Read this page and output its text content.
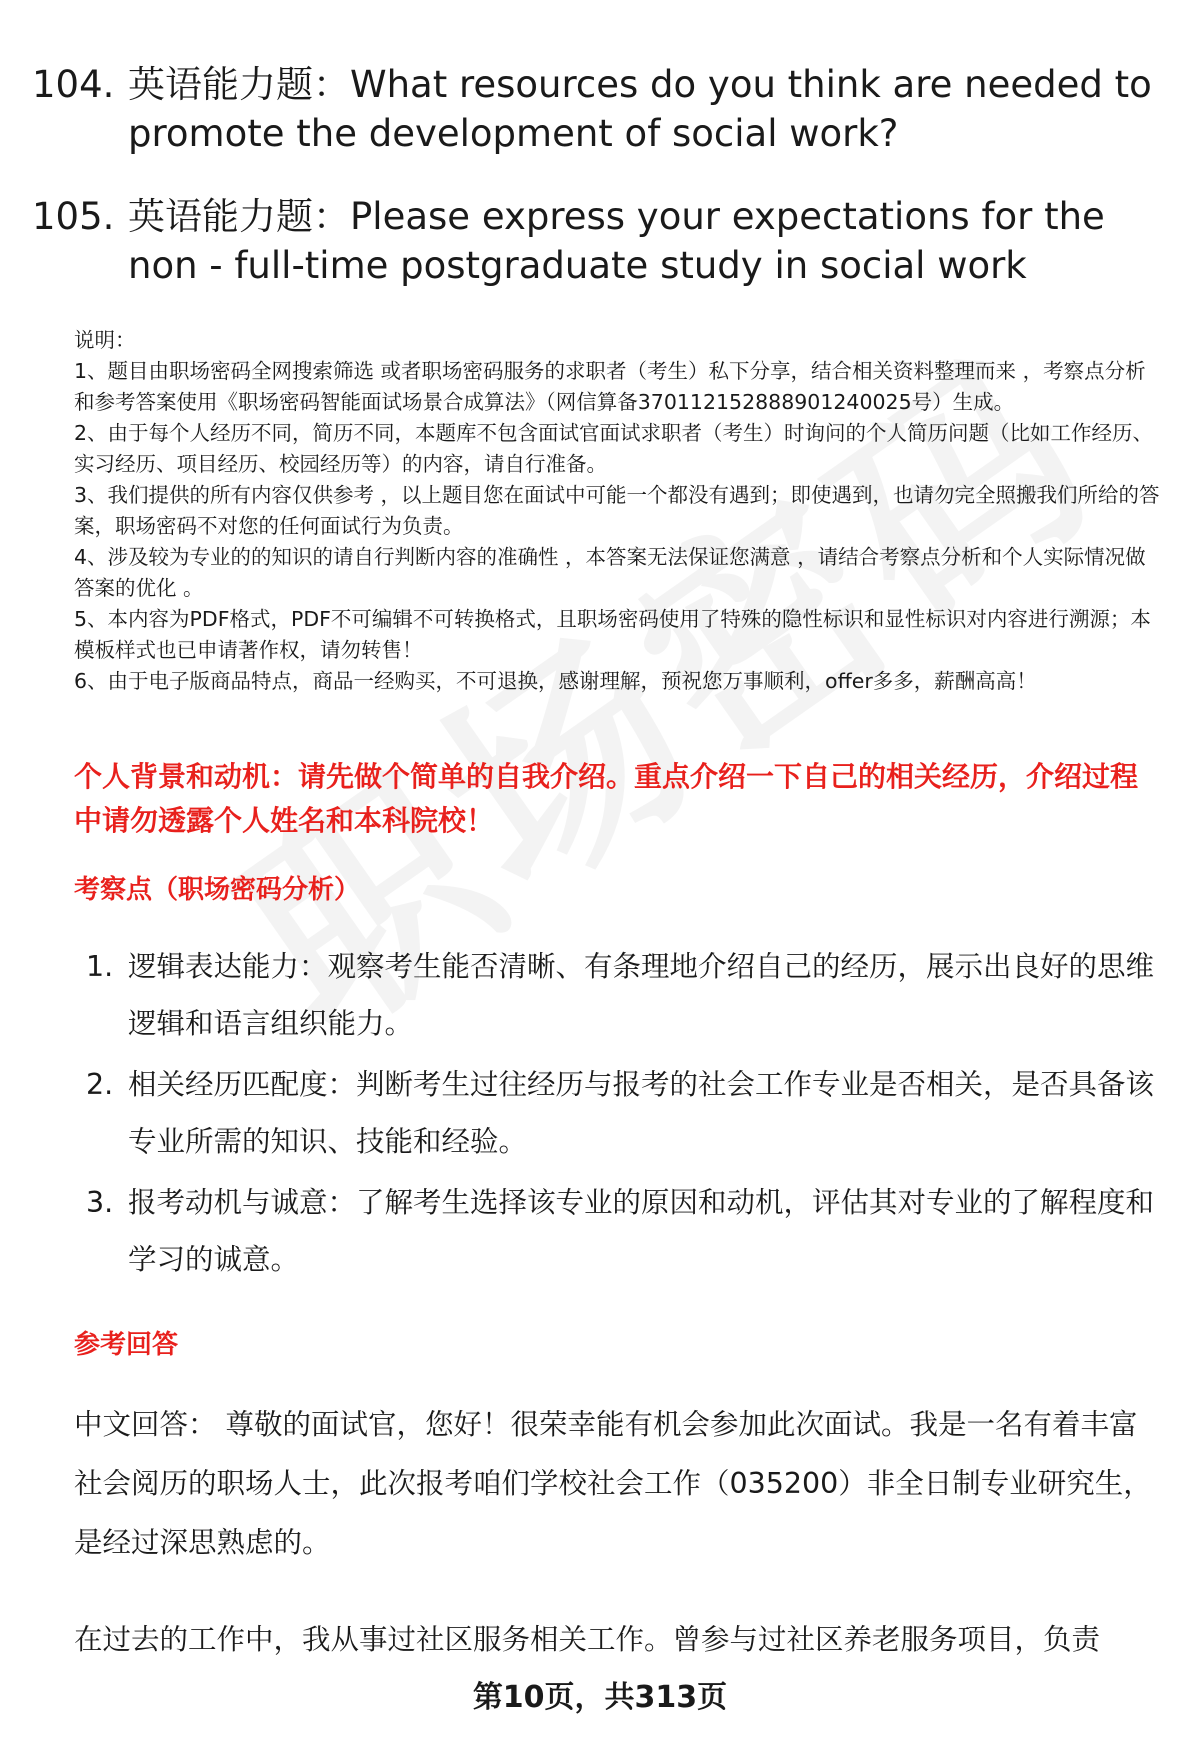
104. 英语能力题：What resources do you think are needed to promote the development of social work?
105. 英语能力题：Please express your expectations for the non - full-time postgraduate study in social work
说明：
1、题目由职场密码全网搜索筛选 或者职场密码服务的求职者（考生）私下分享，结合相关资料整理而来 ，考察点分析和参考答案使用《职场密码智能面试场景合成算法》（网信算备370112152888901240025号）生成。
2、由于每个人经历不同，简历不同，本题库不包含面试官面试求职者（考生）时询问的个人简历问题（比如工作经历、实习经历、项目经历、校园经历等）的内容，请自行准备。
3、我们提供的所有内容仅供参考 ，以上题目您在面试中可能一个都没有遇到；即使遇到，也请勿完全照搬我们所给的答案，职场密码不对您的任何面试行为负责。
4、涉及较为专业的的知识的请自行判断内容的准确性 ，本答案无法保证您满意 ，请结合考察点分析和个人实际情况做答案的优化 。
5、本内容为PDF格式，PDF不可编辑不可转换格式，且职场密码使用了特殊的隐性标识和显性标识对内容进行溯源；本模板样式也已申请著作权，请勿转售！
6、由于电子版商品特点，商品一经购买，不可退换，感谢理解，预祝您万事顺利，offer多多，薪酬高高！
个人背景和动机：请先做个简单的自我介绍。重点介绍一下自己的相关经历，介绍过程中请勿透露个人姓名和本科院校！
考察点（职场密码分析）
1. 逻辑表达能力：观察考生能否清晰、有条理地介绍自己的经历，展示出良好的思维逻辑和语言组织能力。
2. 相关经历匹配度：判断考生过往经历与报考的社会工作专业是否相关，是否具备该专业所需的知识、技能和经验。
3. 报考动机与诚意：了解考生选择该专业的原因和动机，评估其对专业的了解程度和学习的诚意。
参考回答
中文回答： 尊敬的面试官，您好！很荣幸能有机会参加此次面试。我是一名有着丰富社会阅历的职场人士，此次报考咱们学校社会工作（035200）非全日制专业研究生，是经过深思熟虑的。
在过去的工作中，我从事过社区服务相关工作。曾参与过社区养老服务项目，负责
第10页，共313页
